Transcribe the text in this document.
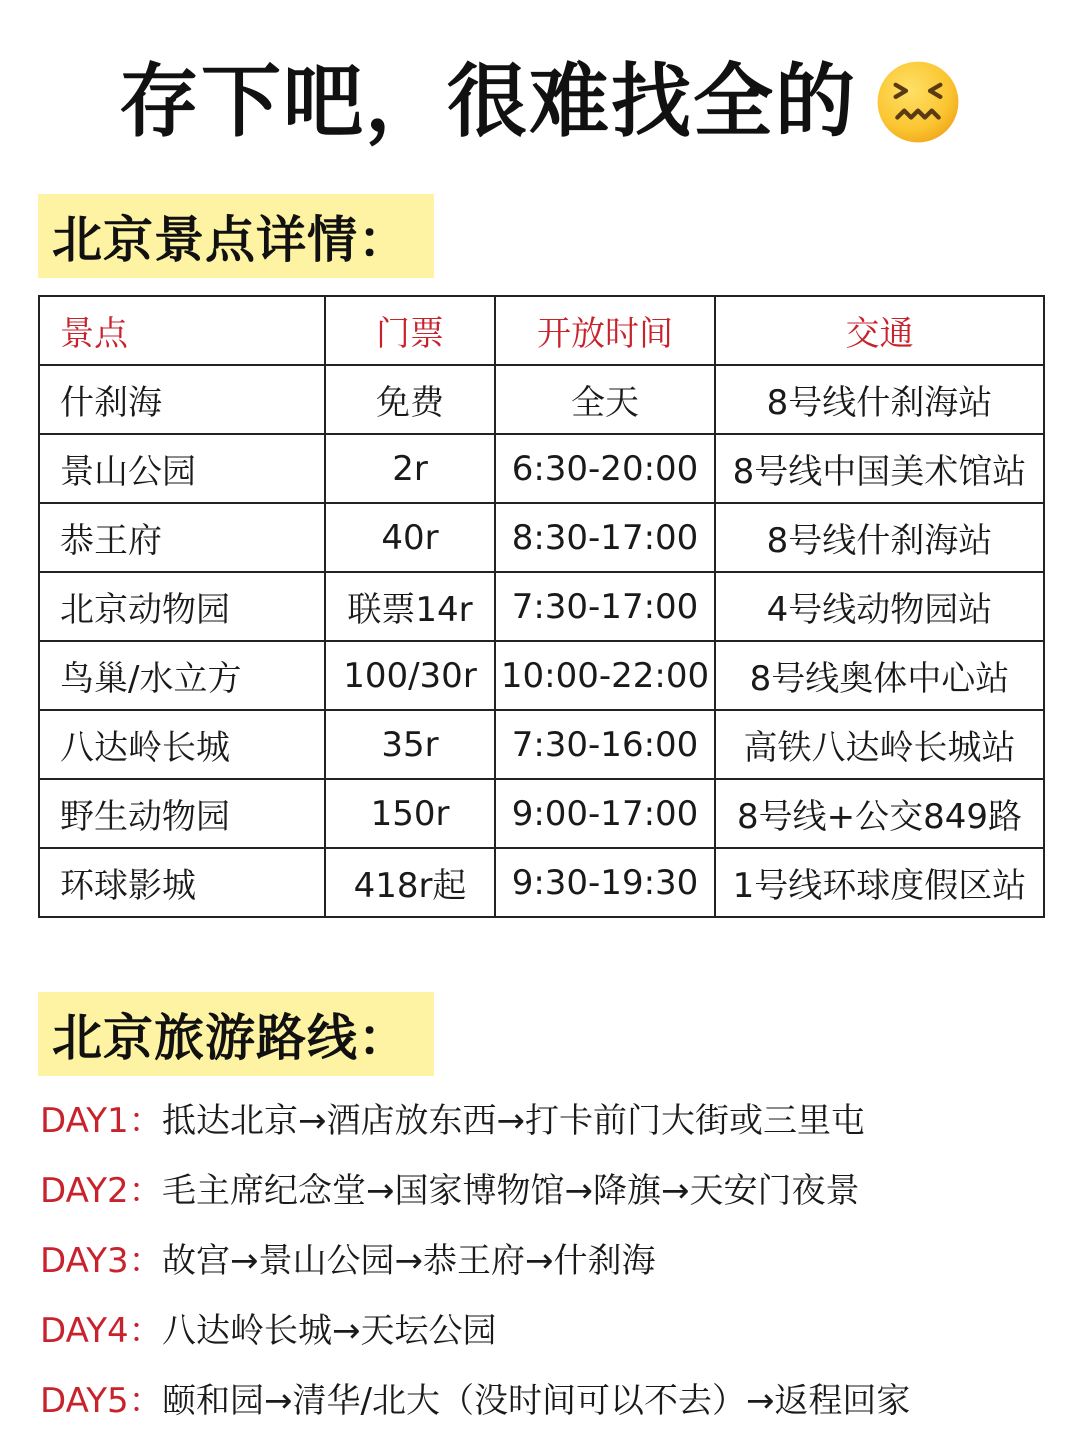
存下吧，很难找全的
北京景点详情：
景点	门票	开放时间	交通
什刹海	免费	全天	8号线什刹海站
景山公园	2r	6:30-20:00	8号线中国美术馆站
恭王府	40r	8:30-17:00	8号线什刹海站
北京动物园	联票14r	7:30-17:00	4号线动物园站
鸟巢/水立方	100/30r	10:00-22:00	8号线奥体中心站
八达岭长城	35r	7:30-16:00	高铁八达岭长城站
野生动物园	150r	9:00-17:00	8号线+公交849路
环球影城	418r起	9:30-19:30	1号线环球度假区站
北京旅游路线：
DAY1： 抵达北京→酒店放东西→打卡前门大街或三里屯
DAY2： 毛主席纪念堂→国家博物馆→降旗→天安门夜景
DAY3： 故宫→景山公园→恭王府→什刹海
DAY4： 八达岭长城→天坛公园
DAY5： 颐和园→清华/北大（没时间可以不去）→返程回家
